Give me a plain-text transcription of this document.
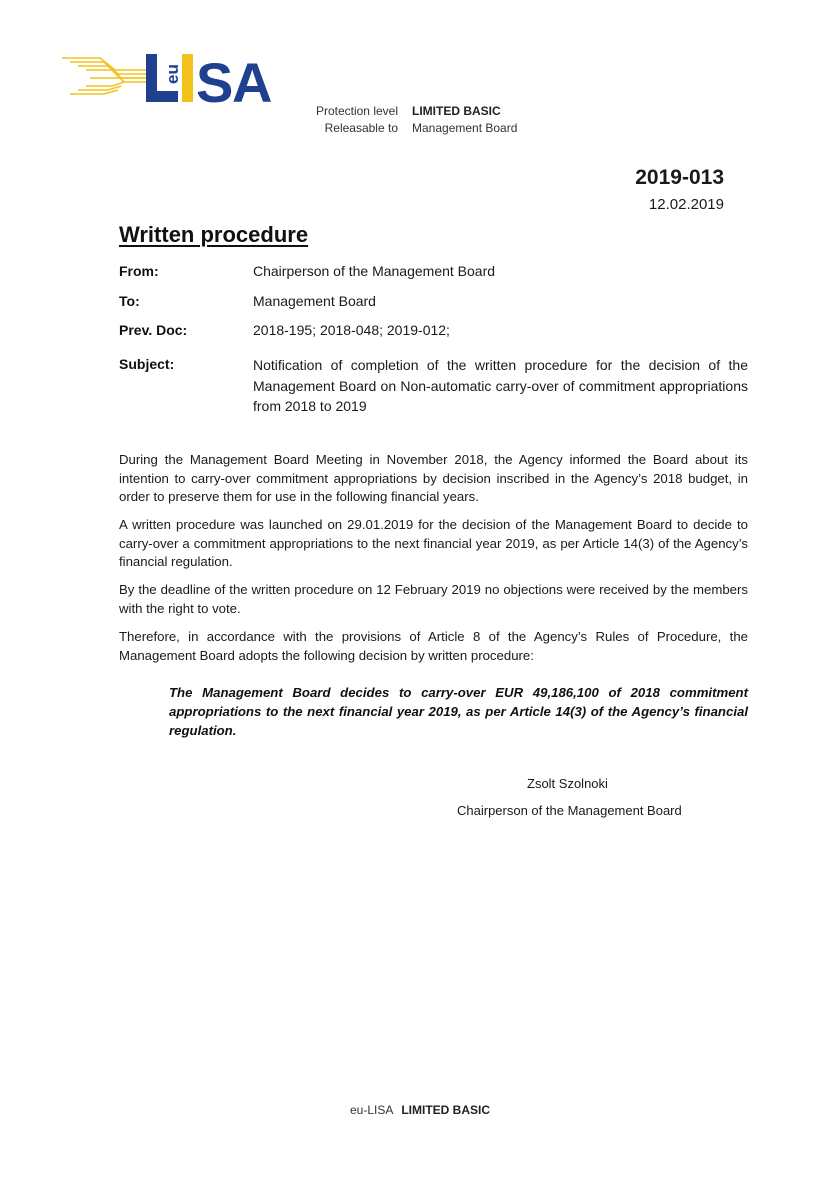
eu S
A	Protection level LIMITED BASIC
Releasable to Management Board
2019-013
12.02.2019
Written procedure
From:	Chairperson of the Management Board
To:	Management Board
Prev. Doc:	2018-195; 2018-048; 2019-012;
Subject:	Notification of completion of the written procedure for the decision of the Management Board on Non-automatic carry-over of commitment appropriations from 2018 to 2019
During the Management Board Meeting in November 2018, the Agency informed the Board about its intention to carry-over commitment appropriations by decision inscribed in the Agency’s 2018 budget, in order to preserve them for use in the following financial years.
A written procedure was launched on 29.01.2019 for the decision of the Management Board to decide to carry-over a commitment appropriations to the next financial year 2019, as per Article 14(3) of the Agency’s financial regulation.
By the deadline of the written procedure on 12 February 2019 no objections were received by the members with the right to vote.
Therefore, in accordance with the provisions of Article 8 of the Agency’s Rules of Procedure, the Management Board adopts the following decision by written procedure:
The Management Board decides to carry-over EUR 49,186,100 of 2018 commitment appropriations to the next financial year 2019, as per Article 14(3) of the Agency’s financial regulation.
Zsolt Szolnoki
Chairperson of the Management Board
eu-LISA LIMITED BASIC
